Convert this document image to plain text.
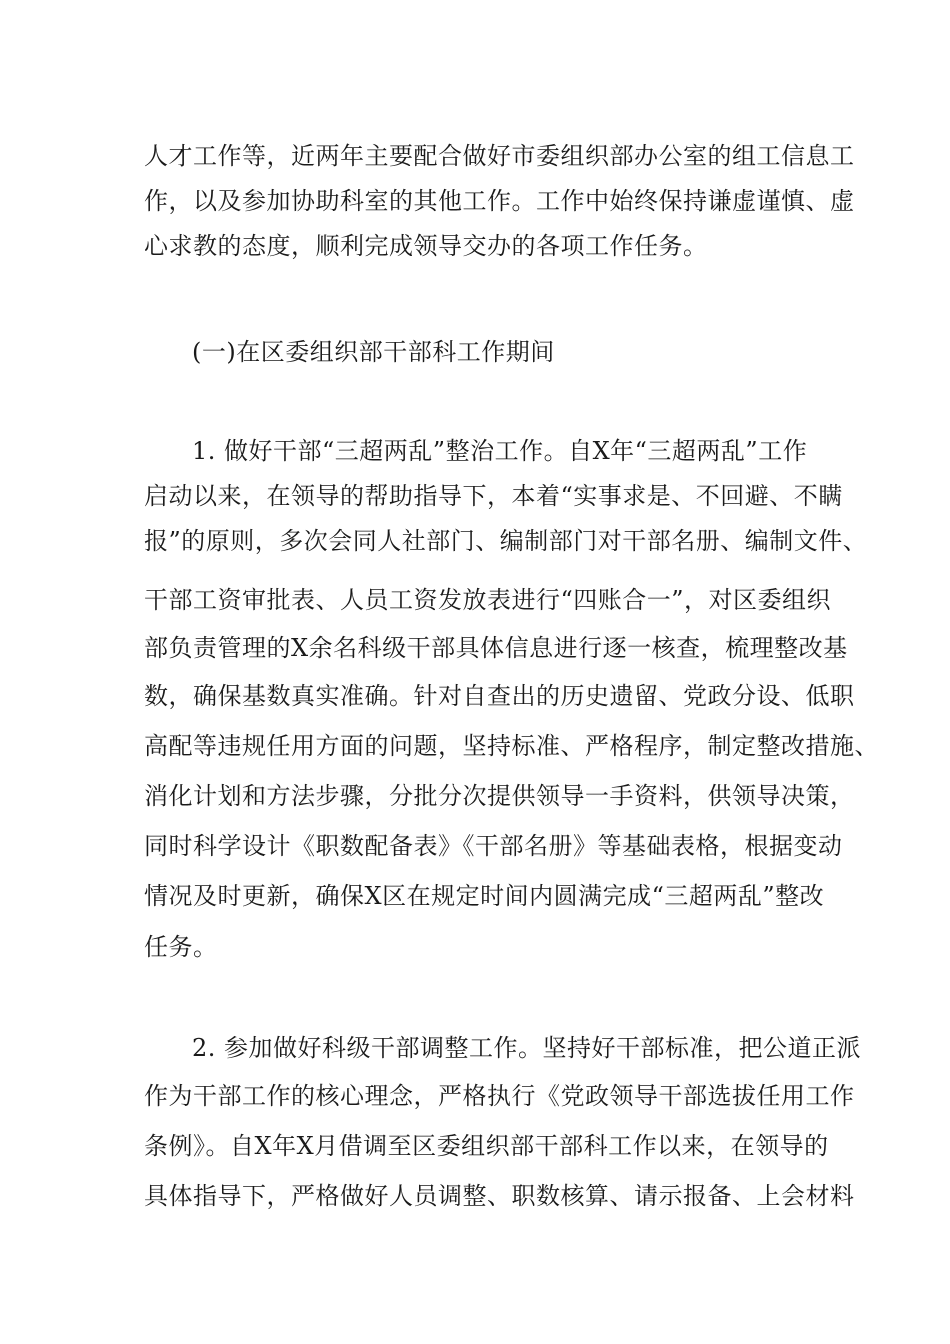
人才工作等，近两年主要配合做好市委组织部办公室的组工信息工

作，以及参加协助科室的其他工作。工作中始终保持谦虚谨慎、虚

心求教的态度，顺利完成领导交办的各项工作任务。

(一)在区委组织部干部科工作期间

1. 做好干部“三超两乱”整治工作。自X年“三超两乱”工作

启动以来，在领导的帮助指导下，本着“实事求是、不回避、不瞒

报”的原则，多次会同人社部门、编制部门对干部名册、编制文件、

干部工资审批表、人员工资发放表进行“四账合一”，对区委组织

部负责管理的X余名科级干部具体信息进行逐一核查，梳理整改基

数，确保基数真实准确。针对自查出的历史遗留、党政分设、低职

高配等违规任用方面的问题，坚持标准、严格程序，制定整改措施、

消化计划和方法步骤，分批分次提供领导一手资料，供领导决策，

同时科学设计《职数配备表》《干部名册》等基础表格，根据变动

情况及时更新，确保X区在规定时间内圆满完成“三超两乱”整改

任务。

2. 参加做好科级干部调整工作。坚持好干部标准，把公道正派

作为干部工作的核心理念，严格执行《党政领导干部选拔任用工作

条例》。自X年X月借调至区委组织部干部科工作以来，在领导的

具体指导下，严格做好人员调整、职数核算、请示报备、上会材料
